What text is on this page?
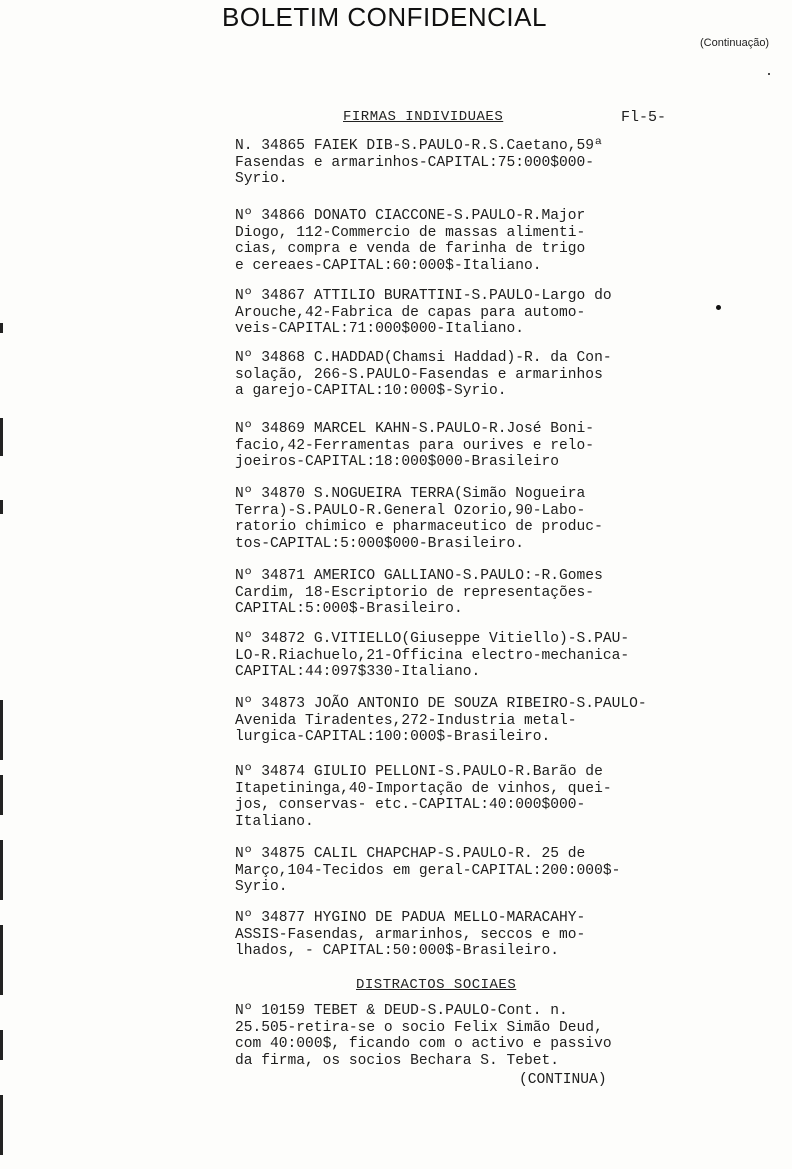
BOLETIM CONFIDENCIAL
(Continuação)
FIRMAS INDIVIDUAES	Fl-5-

N. 34865 FAIEK DIB-S.PAULO-R.S.Caetano,59ª
Fasendas e armarinhos-CAPITAL:75:000$000-
Syrio.

Nº 34866 DONATO CIACCONE-S.PAULO-R.Major
Diogo, 112-Commercio de massas alimenti-
cias, compra e venda de farinha de trigo
e cereaes-CAPITAL:60:000$-Italiano.

Nº 34867 ATTILIO BURATTINI-S.PAULO-Largo do
Arouche,42-Fabrica de capas para automo-
veis-CAPITAL:71:000$000-Italiano.

Nº 34868 C.HADDAD(Chamsi Haddad)-R. da Con-
solação, 266-S.PAULO-Fasendas e armarinhos
a garejo-CAPITAL:10:000$-Syrio.

Nº 34869 MARCEL KAHN-S.PAULO-R.José Boni-
facio,42-Ferramentas para ourives e relo-
joeiros-CAPITAL:18:000$000-Brasileiro

Nº 34870 S.NOGUEIRA TERRA(Simão Nogueira
Terra)-S.PAULO-R.General Ozorio,90-Labo-
ratorio chimico e pharmaceutico de produc-
tos-CAPITAL:5:000$000-Brasileiro.

Nº 34871 AMERICO GALLIANO-S.PAULO:-R.Gomes
Cardim, 18-Escriptorio de representações-
CAPITAL:5:000$-Brasileiro.

Nº 34872 G.VITIELLO(Giuseppe Vitiello)-S.PAU-
LO-R.Riachuelo,21-Officina electro-mechanica-
CAPITAL:44:097$330-Italiano.

Nº 34873 JOÃO ANTONIO DE SOUZA RIBEIRO-S.PAULO-
Avenida Tiradentes,272-Industria metal-
lurgica-CAPITAL:100:000$-Brasileiro.

Nº 34874 GIULIO PELLONI-S.PAULO-R.Barão de
Itapetininga,40-Importação de vinhos, quei-
jos, conservas- etc.-CAPITAL:40:000$000-
Italiano.

Nº 34875 CALIL CHAPCHAP-S.PAULO-R. 25 de
Março,104-Tecidos em geral-CAPITAL:200:000$-
Syrio.

Nº 34877 HYGINO DE PADUA MELLO-MARACAHY-
ASSIS-Fasendas, armarinhos, seccos e mo-
lhados, - CAPITAL:50:000$-Brasileiro.

DISTRACTOS SOCIAES

Nº 10159 TEBET & DEUD-S.PAULO-Cont. n.
25.505-retira-se o socio Felix Simão Deud,
com 40:000$, ficando com o activo e passivo
da firma, os socios Bechara S. Tebet.

(CONTINUA)
